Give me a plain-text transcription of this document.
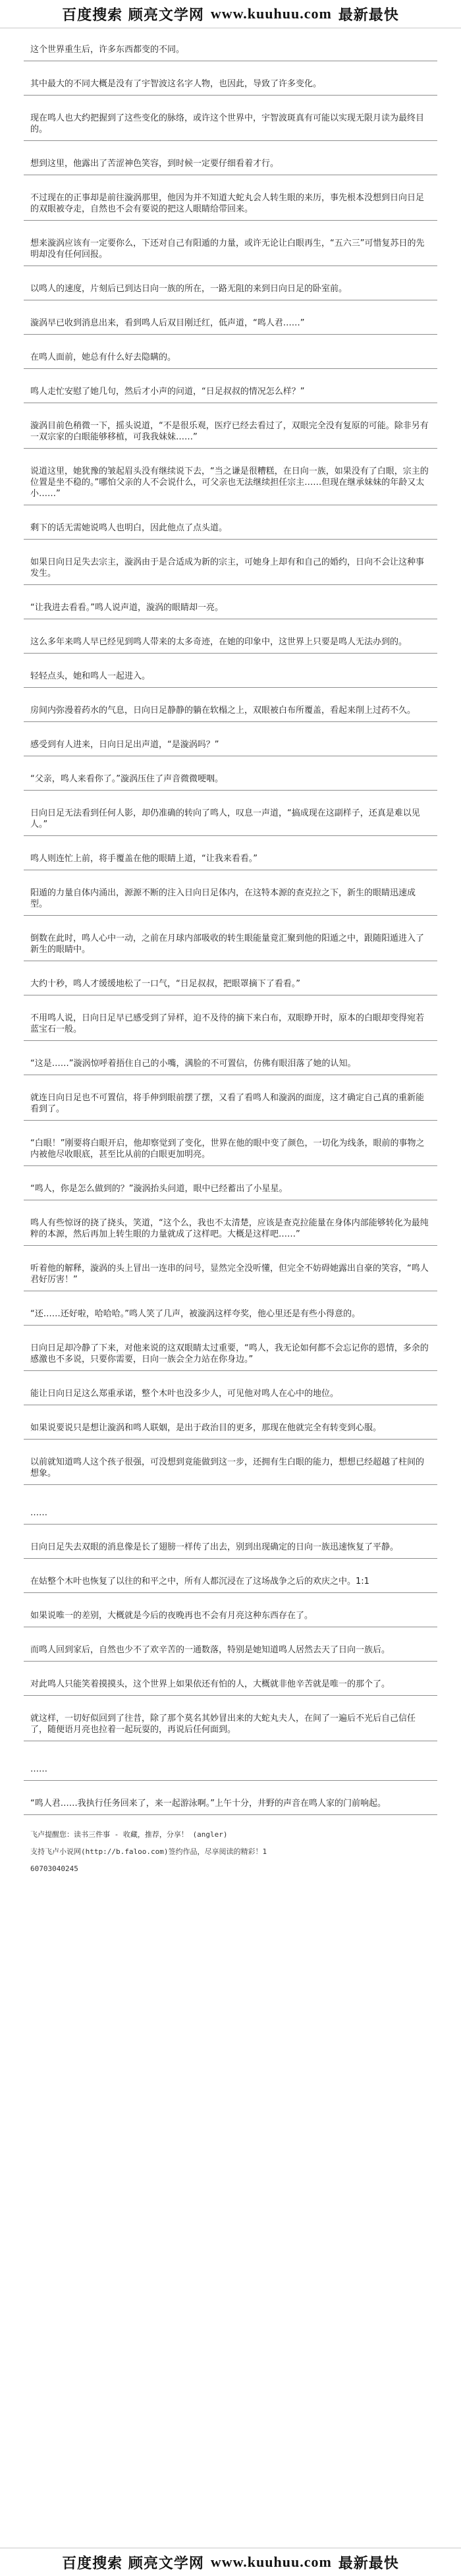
百度搜索 顾亮文学网 www.kuuhuu.com 最新最快

这个世界重生后，许多东西都变的不同。

其中最大的不同大概是没有了宇智波这名字人物，也因此，导致了许多变化。

现在鸣人也大约把握到了这些变化的脉络，或许这个世界中，宇智波斑真有可能以实现无限月读为最终目的。

想到这里，他露出了苦涩神色笑容，到时候一定要仔细看着才行。

不过现在的正事却是前往漩涡那里，他因为并不知道大蛇丸会人转生眼的来历，事先根本没想到日向日足的双眼被夺走，自然也不会有要说的把这人眼睛给带回来。

想来漩涡应该有一定要你么，下还对自己有阳遁的力量，或许无论让白眼再生，“五六三”可惜复苏日的先明却没有任何回报。

以鸣人的速度，片刻后已到达日向一族的所在，一路无阻的来到日向日足的卧室前。

漩涡早已收到消息出来，看到鸣人后双目刚迁红，低声道，“鸣人君……”

在鸣人面前，她总有什么好去隐瞒的。

鸣人走忙安慰了她几句，然后才小声的问道，“日足叔叔的情况怎么样？”

漩涡目前色稍微一下，摇头说道，“不是很乐观，医疗已经去看过了，双眼完全没有复原的可能。除非另有一双宗家的白眼能够移植，可我我妹妹……”

说道这里，她犹豫的皱起眉头没有继续说下去，“当之谦是很糟糕，在日向一族，如果没有了白眼，宗主的位置是坐不稳的。”哪怕父亲的人不会说什么，可父亲也无法继续担任宗主……但现在继承妹妹的年龄又太小……”

剩下的话无需她说鸣人也明白，因此他点了点头道。

如果日向日足失去宗主，漩涡由于是合适成为新的宗主，可她身上却有和自己的婚约，日向不会让这种事发生。

“让我进去看看。”鸣人说声道，漩涡的眼睛却一亮。

这么多年来鸣人早已经见到鸣人带来的太多奇迹，在她的印象中，这世界上只要是鸣人无法办到的。

轻轻点头，她和鸣人一起进入。

房间内弥漫着药水的气息，日向日足静静的躺在软榻之上，双眼被白布所覆盖，看起来削上过药不久。

感受到有人进来，日向日足出声道，“是漩涡吗？”

“父亲，鸣人来看你了。”漩涡压住了声音微微哽咽。

日向日足无法看到任何人影，却仍准确的转向了鸣人，叹息一声道，“搞成现在这副样子，还真是难以见人。”

鸣人则连忙上前，将手覆盖在他的眼睛上道，“让我来看看。”

阳遁的力量自体内涌出，源源不断的注入日向日足体内，在这特本源的查克拉之下，新生的眼睛迅速成型。

倒数在此时，鸣人心中一动，之前在月球内部吸收的转生眼能量竟汇聚到他的阳遁之中，跟随阳遁进入了新生的眼睛中。

大约十秒，鸣人才缓缓地松了一口气，“日足叔叔，把眼罩摘下了看看。”

不用鸣人说，日向日足早已感受到了异样，迫不及待的摘下来白布，双眼睁开时，原本的白眼却变得宛若蓝宝石一般。

“这是……”漩涡惊呼着捂住自己的小嘴，满脸的不可置信，仿佛有眼泪落了她的认知。

就连日向日足也不可置信，将手伸到眼前摆了摆，又看了看鸣人和漩涡的面庞，这才确定自己真的重新能看到了。

“白眼！”刚要将白眼开启，他却察觉到了变化，世界在他的眼中变了颜色，一切化为线条，眼前的事物之内被他尽收眼底，甚至比从前的白眼更加明亮。

“鸣人，你是怎么做到的？”漩涡抬头问道，眼中已经蓄出了小星星。

鸣人有些惊讶的挠了挠头，笑道，“这个么，我也不太清楚，应该是查克拉能量在身体内部能够转化为最纯粹的本源，然后再加上转生眼的力量就成了这样吧。大概是这样吧……”

听着他的解释，漩涡的头上冒出一连串的问号，显然完全没听懂，但完全不妨碍她露出自豪的笑容，“鸣人君好厉害！”

“还……还好啦，哈哈哈。”鸣人笑了几声，被漩涡这样夸奖，他心里还是有些小得意的。

日向日足却冷静了下来，对他来说的这双眼睛太过重要，“鸣人，我无论如何都不会忘记你的恩情，多余的感激也不多说，只要你需要，日向一族会全力站在你身边。”

能让日向日足这么郑重承诺，整个木叶也没多少人，可见他对鸣人在心中的地位。

如果说要说只是想让漩涡和鸣人联姻，是出于政治目的更多，那现在他就完全有转变到心服。

以前就知道鸣人这个孩子很强，可没想到竟能做到这一步，还拥有生白眼的能力，想想已经超越了柱间的想象。

……

日向日足失去双眼的消息像是长了翅膀一样传了出去，别到出现确定的日向一族迅速恢复了平静。

在姑整个木叶也恢复了以往的和平之中，所有人都沉浸在了这场战争之后的欢庆之中。1:1

如果说唯一的差别，大概就是今后的夜晚再也不会有月亮这种东西存在了。

而鸣人回到家后，自然也少不了欢辛苦的一通数落，特别是她知道鸣人居然去天了日向一族后。

对此鸣人只能笑着摸摸头，这个世界上如果依还有怕的人，大概就非他辛苦就是唯一的那个了。

就这样，一切好似回到了往昔，除了那个莫名其妙冒出来的大蛇丸夫人，在间了一遍后不光后自己信任了，随便语月亮也拉着一起玩耍的，再说后任何面到。

……

“鸣人君……我执行任务回来了，来一起游泳啊。”上午十分，井野的声音在鸣人家的门前响起。

飞卢提醒您：读书三件事 - 收藏，推荐，分享！ (angler)
支持飞卢小说网(http://b.faloo.com)签约作品，尽享阅读的精彩！1
60703040245
百度搜索 顾亮文学网 www.kuuhuu.com 最新最快
